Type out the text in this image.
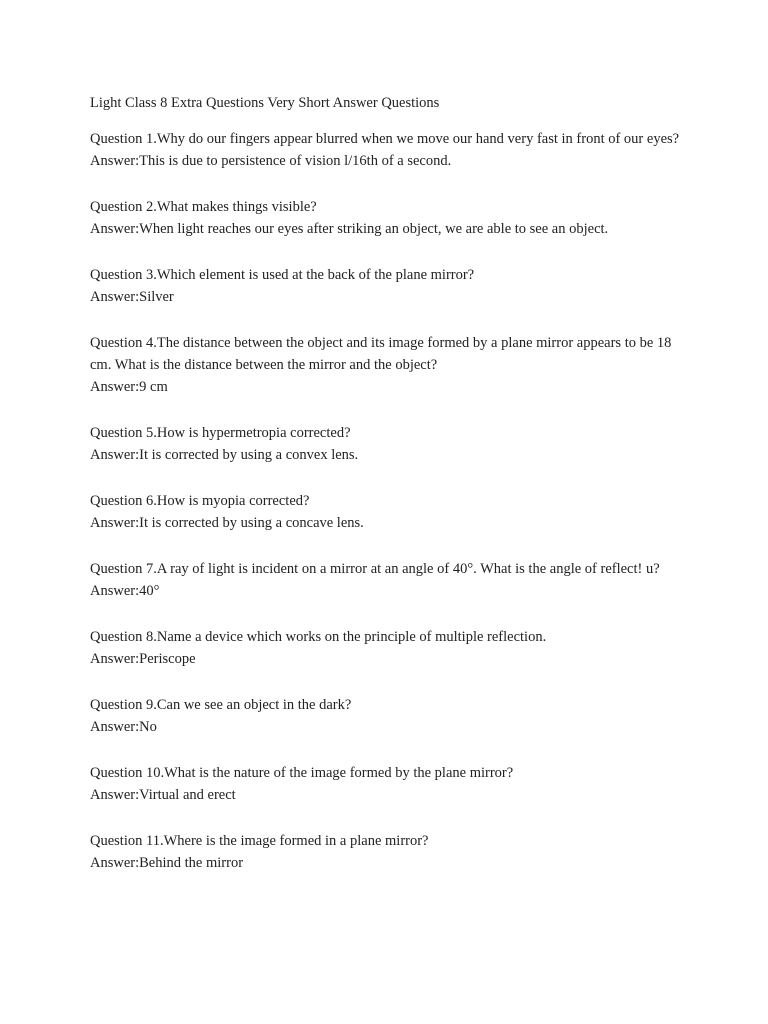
Light Class 8 Extra Questions Very Short Answer Questions

Question 1.Why do our fingers appear blurred when we move our hand very fast in front of our eyes?

Answer:This is due to persistence of vision l/16th of a second.

Question 2.What makes things visible?

Answer:When light reaches our eyes after striking an object, we are able to see an object.

Question 3.Which element is used at the back of the plane mirror?

Answer:Silver

Question 4.The distance between the object and its image formed by a plane mirror appears to be 18 cm. What is the distance between the mirror and the object?

Answer:9 cm

Question 5.How is hypermetropia corrected?

Answer:It is corrected by using a convex lens.

Question 6.How is myopia corrected?

Answer:It is corrected by using a concave lens.

Question 7.A ray of light is incident on a mirror at an angle of 40°. What is the angle of reflect! u?

Answer:40°

Question 8.Name a device which works on the principle of multiple reflection.

Answer:Periscope

Question 9.Can we see an object in the dark?

Answer:No

Question 10.What is the nature of the image formed by the plane mirror?

Answer:Virtual and erect

Question 11.Where is the image formed in a plane mirror?

Answer:Behind the mirror
